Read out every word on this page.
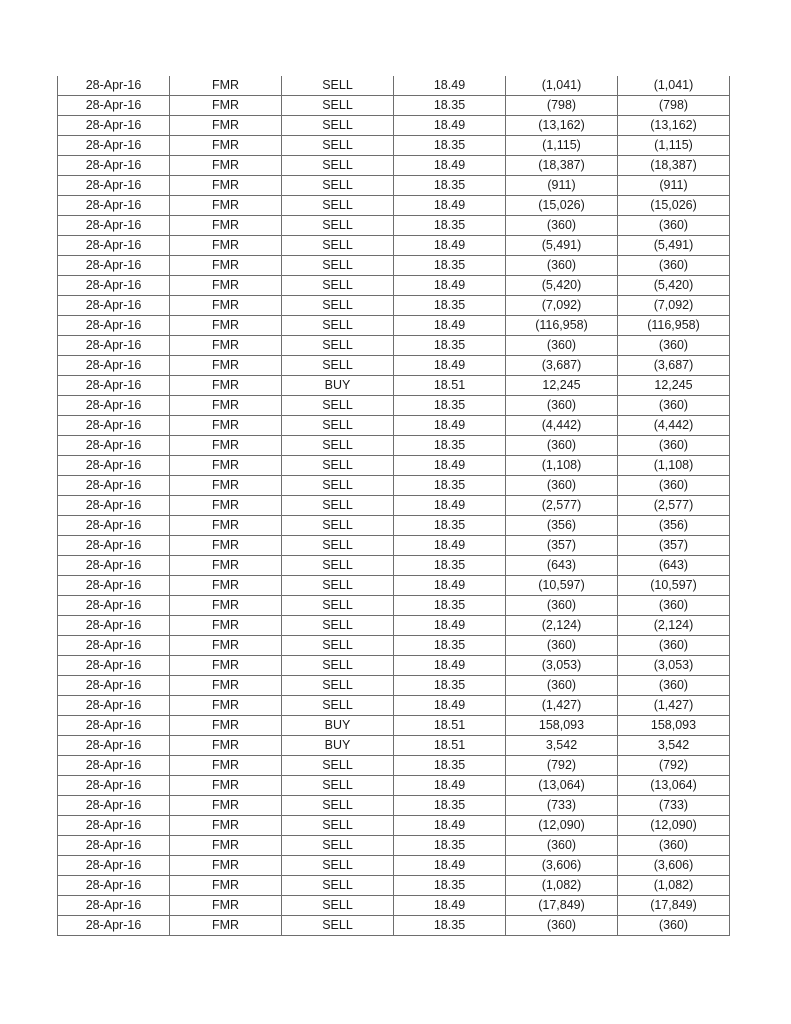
28-Apr-16	FMR	SELL	18.49	(1,041)	(1,041)
28-Apr-16	FMR	SELL	18.35	(798)	(798)
28-Apr-16	FMR	SELL	18.49	(13,162)	(13,162)
28-Apr-16	FMR	SELL	18.35	(1,115)	(1,115)
28-Apr-16	FMR	SELL	18.49	(18,387)	(18,387)
28-Apr-16	FMR	SELL	18.35	(911)	(911)
28-Apr-16	FMR	SELL	18.49	(15,026)	(15,026)
28-Apr-16	FMR	SELL	18.35	(360)	(360)
28-Apr-16	FMR	SELL	18.49	(5,491)	(5,491)
28-Apr-16	FMR	SELL	18.35	(360)	(360)
28-Apr-16	FMR	SELL	18.49	(5,420)	(5,420)
28-Apr-16	FMR	SELL	18.35	(7,092)	(7,092)
28-Apr-16	FMR	SELL	18.49	(116,958)	(116,958)
28-Apr-16	FMR	SELL	18.35	(360)	(360)
28-Apr-16	FMR	SELL	18.49	(3,687)	(3,687)
28-Apr-16	FMR	BUY	18.51	12,245	12,245
28-Apr-16	FMR	SELL	18.35	(360)	(360)
28-Apr-16	FMR	SELL	18.49	(4,442)	(4,442)
28-Apr-16	FMR	SELL	18.35	(360)	(360)
28-Apr-16	FMR	SELL	18.49	(1,108)	(1,108)
28-Apr-16	FMR	SELL	18.35	(360)	(360)
28-Apr-16	FMR	SELL	18.49	(2,577)	(2,577)
28-Apr-16	FMR	SELL	18.35	(356)	(356)
28-Apr-16	FMR	SELL	18.49	(357)	(357)
28-Apr-16	FMR	SELL	18.35	(643)	(643)
28-Apr-16	FMR	SELL	18.49	(10,597)	(10,597)
28-Apr-16	FMR	SELL	18.35	(360)	(360)
28-Apr-16	FMR	SELL	18.49	(2,124)	(2,124)
28-Apr-16	FMR	SELL	18.35	(360)	(360)
28-Apr-16	FMR	SELL	18.49	(3,053)	(3,053)
28-Apr-16	FMR	SELL	18.35	(360)	(360)
28-Apr-16	FMR	SELL	18.49	(1,427)	(1,427)
28-Apr-16	FMR	BUY	18.51	158,093	158,093
28-Apr-16	FMR	BUY	18.51	3,542	3,542
28-Apr-16	FMR	SELL	18.35	(792)	(792)
28-Apr-16	FMR	SELL	18.49	(13,064)	(13,064)
28-Apr-16	FMR	SELL	18.35	(733)	(733)
28-Apr-16	FMR	SELL	18.49	(12,090)	(12,090)
28-Apr-16	FMR	SELL	18.35	(360)	(360)
28-Apr-16	FMR	SELL	18.49	(3,606)	(3,606)
28-Apr-16	FMR	SELL	18.35	(1,082)	(1,082)
28-Apr-16	FMR	SELL	18.49	(17,849)	(17,849)
28-Apr-16	FMR	SELL	18.35	(360)	(360)
